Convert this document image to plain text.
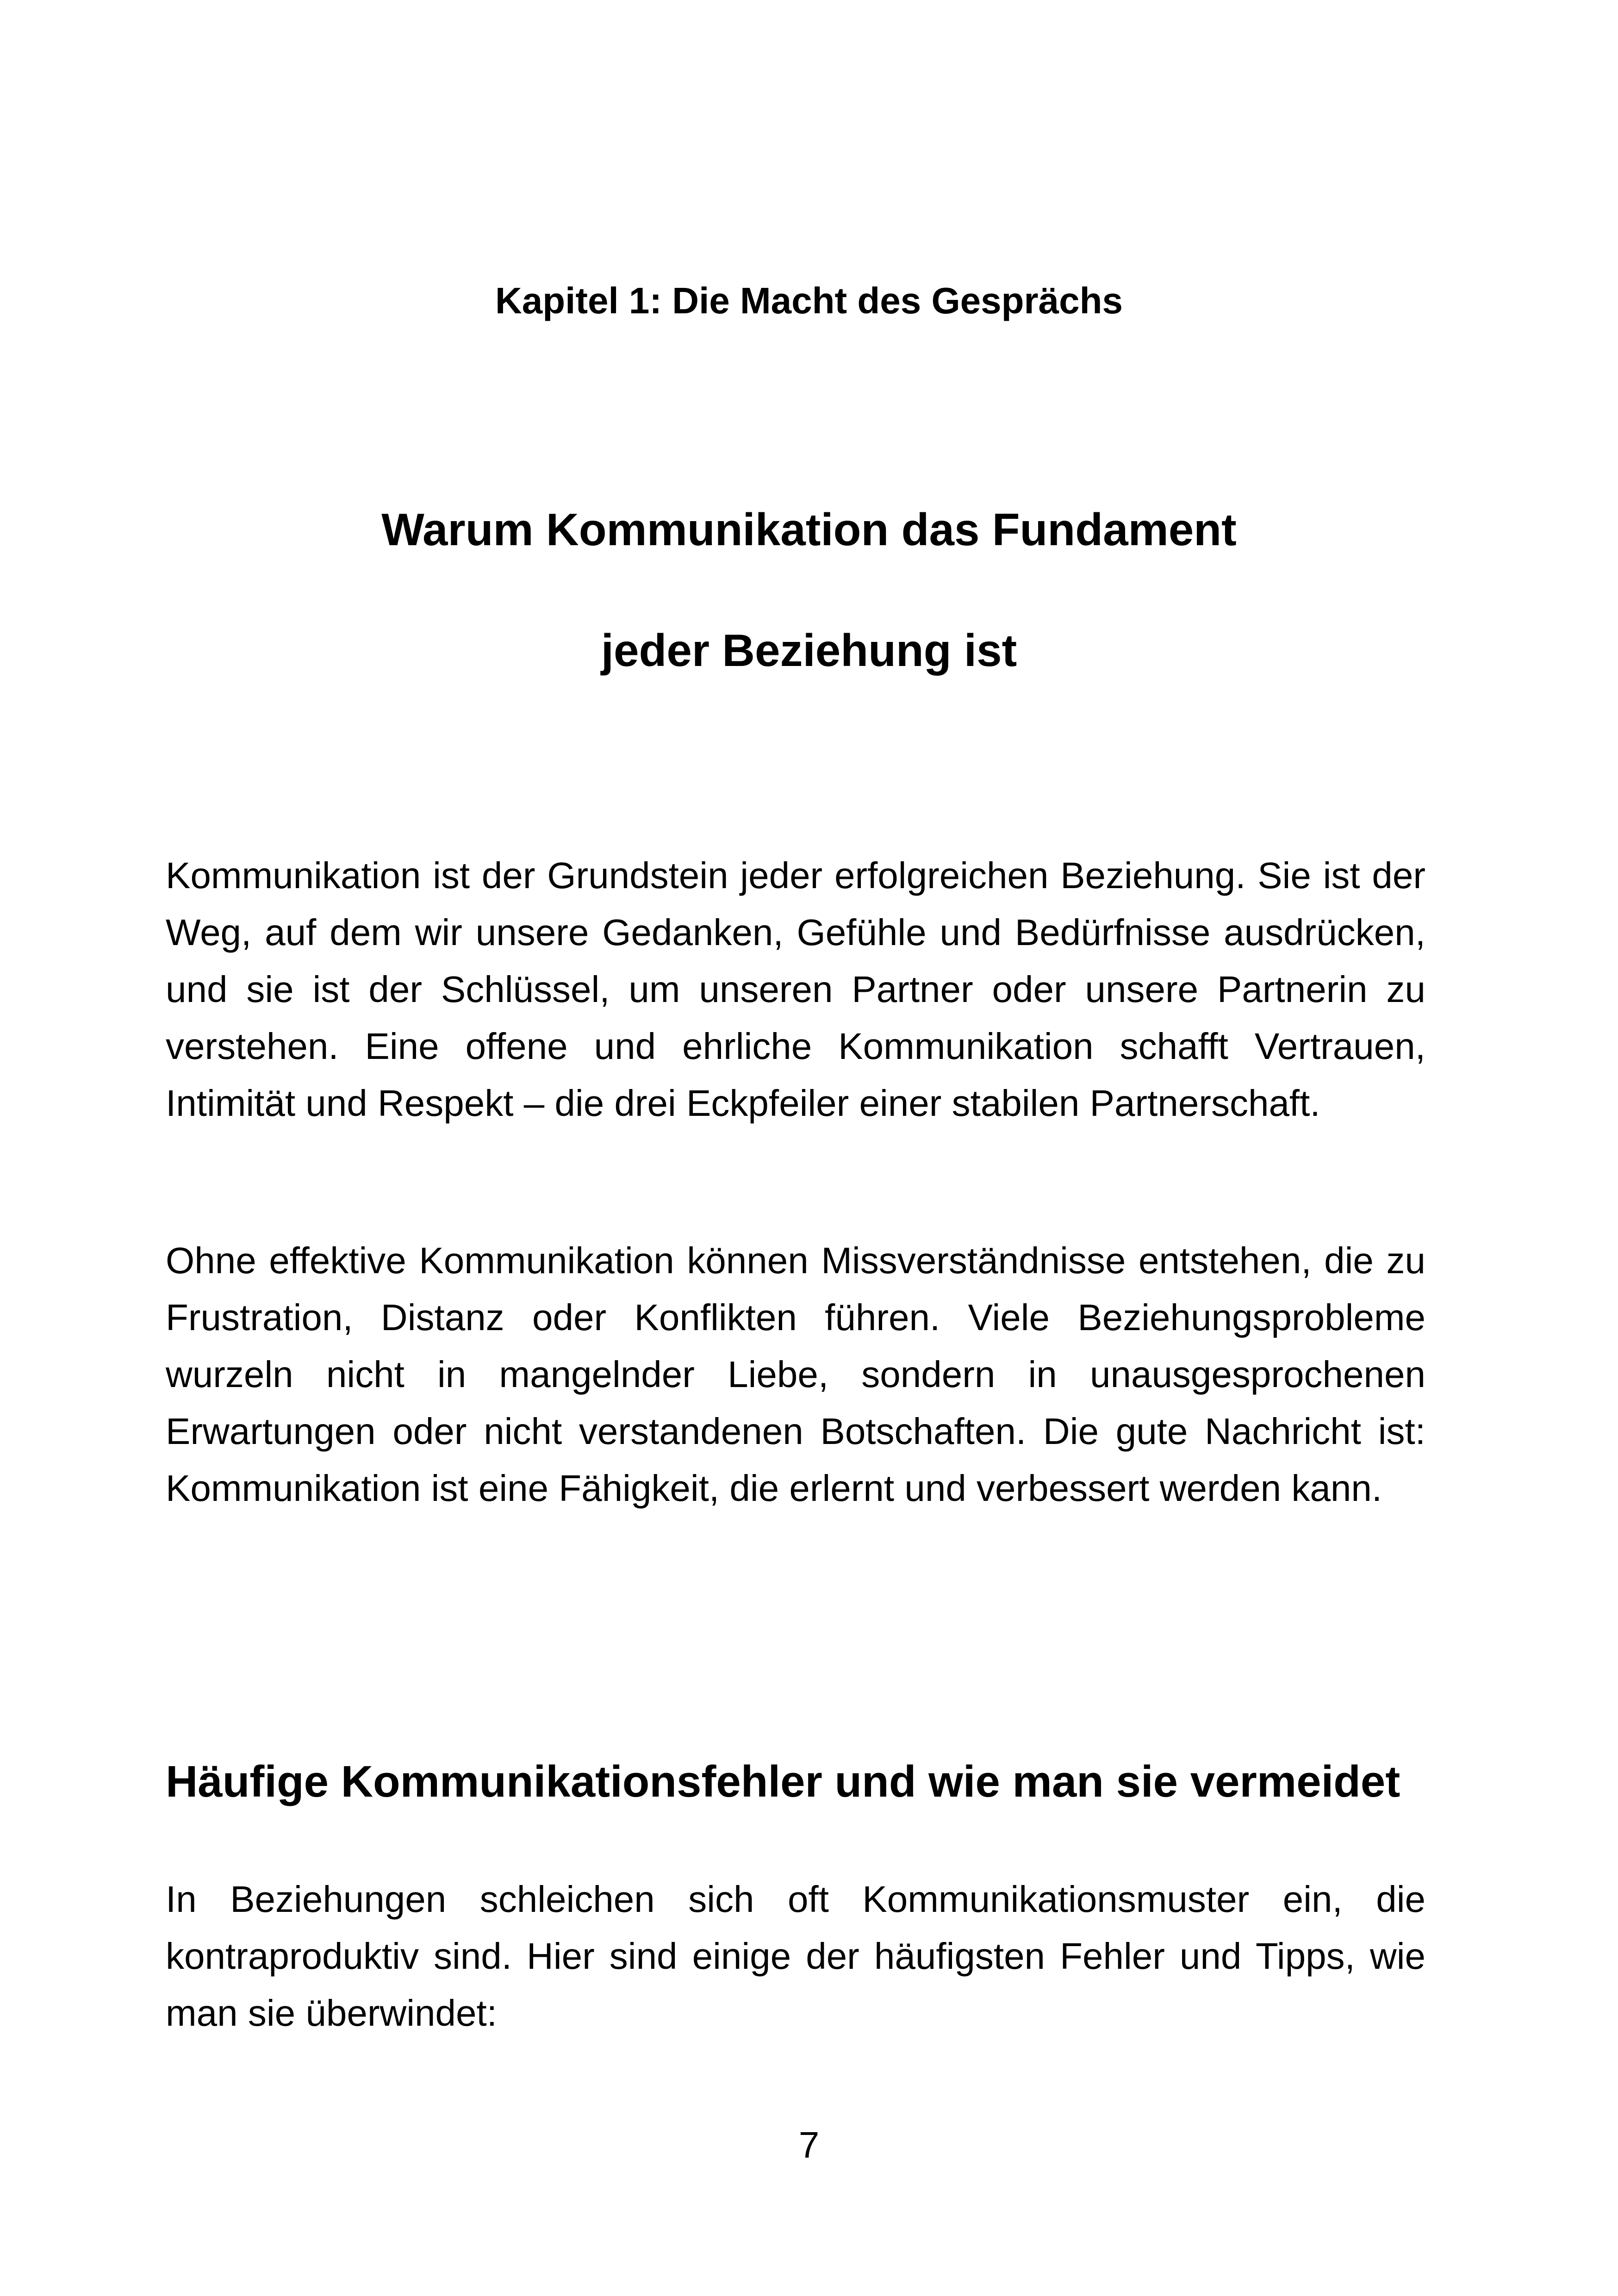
Kapitel 1: Die Macht des Gesprächs
Warum Kommunikation das Fundament
jeder Beziehung ist

Kommunikation ist der Grundstein jeder erfolgreichen Beziehung. Sie ist der Weg, auf dem wir unsere Gedanken, Gefühle und Bedürfnisse ausdrücken, und sie ist der Schlüssel, um unseren Partner oder unsere Partnerin zu verstehen. Eine offene und ehrliche Kommunikation schafft Vertrauen, Intimität und Respekt – die drei Eckpfeiler einer stabilen Partnerschaft.

Ohne effektive Kommunikation können Missverständnisse entstehen, die zu Frustration, Distanz oder Konflikten führen. Viele Beziehungsprobleme wurzeln nicht in mangelnder Liebe, sondern in unausgesprochenen Erwartungen oder nicht verstandenen Botschaften. Die gute Nachricht ist: Kommunikation ist eine Fähigkeit, die erlernt und verbessert werden kann.

Häufige Kommunikationsfehler und wie man sie vermeidet

In Beziehungen schleichen sich oft Kommunikationsmuster ein, die kontraproduktiv sind. Hier sind einige der häufigsten Fehler und Tipps, wie man sie überwindet:

7
